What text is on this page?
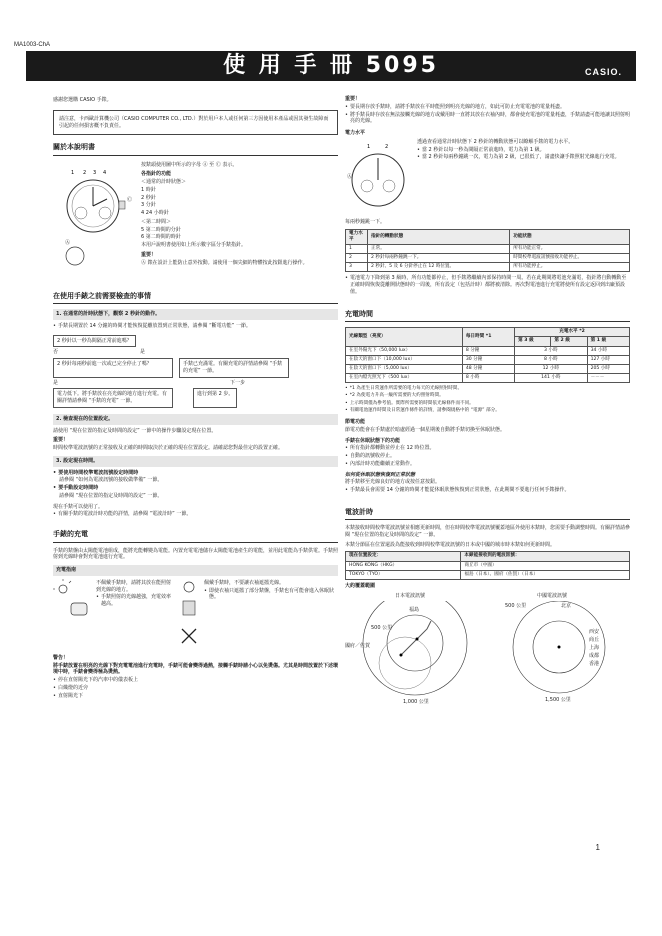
MA1003-ChA
使 用 手 冊 5095	CASIO.

感謝您選購 CASIO 手錶。

請注意，卡西歐計算機公司（CASIO COMPUTER CO., LTD.）對於用戶本人或任何第三方因使用本產品或因其發生故障而引起的任何損害概不負責任。

關於本說明書
1 2 3 4
Ⓒ
Ⓐ

按錶頭使用圖中所示的字母 Ⓐ 至 Ⓒ 表示。

各指針的功能

＜通常的計時狀態＞

1 時針

2 秒針

3 分針

4 24 小時針

＜第二時間＞

5 第二時間的分針

6 第二時間的時針

本用戶說明書使用如上所示數字區分手錶指針。

重要！

Ⓐ 錶在設計上能防止意外按動。請使用一個尖細的物體按此按鈕進行操作。

在使用手錶之前需要檢查的事情
1. 在通常的計時狀態下，觀察 2 秒針的動作。
• 手錶長期置於 14 分鐘的時間才能恢復從離放置到正常狀態，請參閱 “斷電功能” 一節。
2 秒針以一秒為間隔正常前進嗎？
否	是
2 秒針每兩秒前進一次或已完全停止了嗎？	手錶已充滿電。有關充電的詳情請參閱 “手錶的充電” 一節。
是	下一步
電力低下。將手錶放在亮光線的地方進行充電。有關詳情請參閱 “手錶的充電” 一節。
進行到第 2 步。
2. 檢查現在的位置設定。

請使用 “現在位置的指定及時間的設定” 一節中的操作步驟設定現在位置。

重要！

時間校準電波訊號的正常接收及正確的時間取決於正確的現在位置設定。請確認您對最佳定的設置正確。

3. 設定現在時間。
• 要使用時間校準電波訊號設定時間時

請參閱 “如何為電波訊號的接收做準備” 一節。

• 要手動設定時間時

請參閱 “現在位置的指定及時間的設定” 一節。

現在手錶可以使用了。

• 有關手錶的電波計時功能的詳情，請參閱 “電波計時” 一節。
手錶的充電

手錶的錶盤由太陽能電池組成，能將光能轉變為電能。內置充電電池儲存太陽能電池產生的電能，並用此電能為手錶供電。手錶照射到光線時會對充電池進行充電。

充電指南

不佩戴手錶時，請將其放在能照射到光線的地方。

• 手錶照射的光線越強，充電效率越高。

佩戴手錶時，不要讓衣袖遮擋光線。

• 即使衣袖只遮擋了部分錶盤，手錶也有可能會進入休眠狀態。

警告！

將手錶放置在明亮的光線下對充電電池進行充電時，手錶可能會變得過熱，接觸手錶時請小心以免燙傷。尤其是時間放置於下述環境中時，手錶會變得極為燙熱。

• 停在直射陽光下的汽車中的儀表板上
• 白熾燈的近旁
• 直射陽光下

重要！

• 要長期存放手錶時，請將手錶放在平時能照到明亮光線的地方，如此可防止充電電池的電量耗盡。
• 將手錶長時存放在無法接觸光線的地方或戴用時一直將其放在衣袖內時，都會使充電池的電量耗盡，手錶請盡可能地讓其照射明亮的光線。

電力水平

1	2
Ⓐ

透過查看通常計時狀態下 2 秒針的轉動狀態可以瞭解手錶的電力水平。

• 當 2 秒針以每一秒為間隔正常前進時，電力為第 1 級。
• 當 2 秒針每兩秒鐘跳一次，電力為第 2 級，已很低了，請盡快讓手錶照射光線進行充電。

每兩秒鐘跳一下。

電力水平	指針的轉動狀態	功能狀態
1	正常。	所有功能正常。
2	2 秒針每兩秒鐘跳一下。	時間校準電波訊號接收功能停止。
3	2 秒針、5 及 6 分針停止在 12 時位置。	所有功能停止。
• 電池電力下降到第 3 級時，所有功能都停止，但手錶將繼續內部保持時間一周。若在此期間將電池充滿電，指針將自動轉動至正確時間恢復從離開狀態時的一周後，所有設定（包括計時）都將被清除。再次對電池進行充電將使所有設定返回到出廠預設值。
充電時間
光線類型（亮度）	每日時間 *1	充電水平 *2		
		第 3 級	第 2 級	第 1 級
在室外陽光下（50,000 lux）	8 分鐘	3 小時		34 小時
在陰天的窗口下（10,000 lux）	30 分鐘	8 小時		127 小時
在陰天的窗口下（5,000 lux）	48 分鐘	12 小時		205 小時
在室內燈光照光下（500 lux）	8 小時	141 小時		－－－
• *1 為產生日常運作所需要的電力每天的光線照射時間。
• *2 為使電力升高一級所需要的大約照射時間。
• 上示時間僅為參考值。實際所需要的時間依光線條件而不同。
• 有關電池運作時間及日常運作條件的詳情，請參閱規格中的 “電源” 部分。

節電功能

節電功能會在手錶處於暗處經過一個星期後自動將手錶切換至休眠狀態。

手錶在休眠狀態下的功能

• 所有指針都轉動並停止在 12 時位置。
• 自動的訊號收停止。
• 內部計時功能繼續正常動作。

如何從休眠狀態恢復到正常狀態

將手錶移至光線良好的地方或按任意按鈕。

• 手錶最長會需要 14 分鐘的時間才能從休眠狀態恢復到正常狀態，在此期間不要進行任何手錶操作。
電波計時

本錶接收時間校準電波訊號並相應更新時間，但在時間校準電波訊號覆蓋地區外使用本錶時，您需要手動調整時間。有關詳情請參閱 “現在位置的指定及時間的設定” 一節。

本錶分節區在位置還設為能接收到時間校準電波訊號的日本或中國的城市時本錶如何更新時間。

現在位置設定：	本錶能接收到的電波訊號：
HONG KONG（HKG）	商丘市（中國）
TOKYO（TYO）	福島（日本）、國府（佐賀）（日本）

大約覆蓋範圍

日本電波訊號

福島
500 公里
國府／佐賀
1,000 公里

中國電波訊號

500 公里	北京
西安
商丘
上海
成都
香港
1,500 公里
1
